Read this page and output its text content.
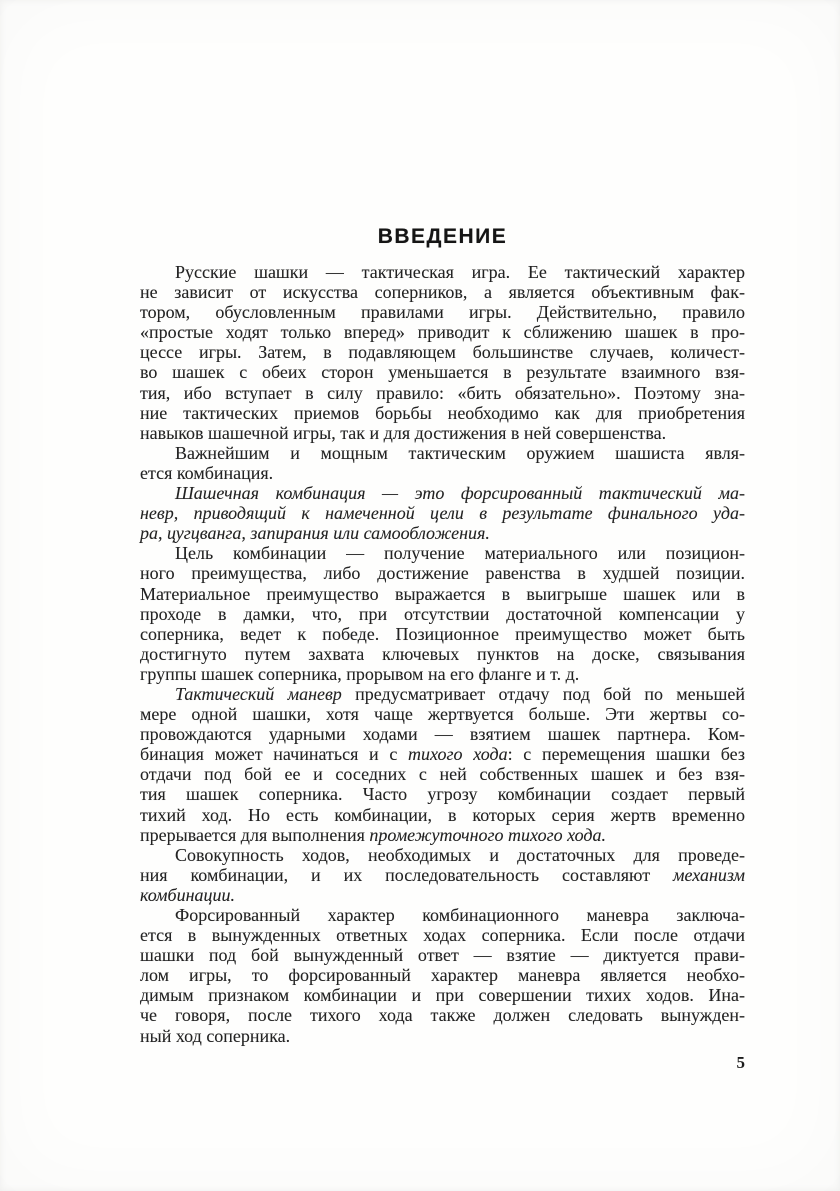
ВВЕДЕНИЕ
Русские шашки — тактическая игра. Ее тактический характер
не зависит от искусства соперников, а является объективным фак-
тором, обусловленным правилами игры. Действительно, правило
«простые ходят только вперед» приводит к сближению шашек в про-
цессе игры. Затем, в подавляющем большинстве случаев, количест-
во шашек с обеих сторон уменьшается в результате взаимного взя-
тия, ибо вступает в силу правило: «бить обязательно». Поэтому зна-
ние тактических приемов борьбы необходимо как для приобретения
навыков шашечной игры, так и для достижения в ней совершенства.
Важнейшим и мощным тактическим оружием шашиста явля-
ется комбинация.
Шашечная комбинация — это форсированный тактический ма-
невр, приводящий к намеченной цели в результате финального уда-
ра, цугцванга, запирания или самообложения.
Цель комбинации — получение материального или позицион-
ного преимущества, либо достижение равенства в худшей позиции.
Материальное преимущество выражается в выигрыше шашек или в
проходе в дамки, что, при отсутствии достаточной компенсации у
соперника, ведет к победе. Позиционное преимущество может быть
достигнуто путем захвата ключевых пунктов на доске, связывания
группы шашек соперника, прорывом на его фланге и т. д.
Тактический маневр предусматривает отдачу под бой по меньшей
мере одной шашки, хотя чаще жертвуется больше. Эти жертвы со-
провождаются ударными ходами — взятием шашек партнера. Ком-
бинация может начинаться и с тихого хода: с перемещения шашки без
отдачи под бой ее и соседних с ней собственных шашек и без взя-
тия шашек соперника. Часто угрозу комбинации создает первый
тихий ход. Но есть комбинации, в которых серия жертв временно
прерывается для выполнения промежуточного тихого хода.
Совокупность ходов, необходимых и достаточных для проведе-
ния комбинации, и их последовательность составляют механизм
комбинации.
Форсированный характер комбинационного маневра заключа-
ется в вынужденных ответных ходах соперника. Если после отдачи
шашки под бой вынужденный ответ — взятие — диктуется прави-
лом игры, то форсированный характер маневра является необхо-
димым признаком комбинации и при совершении тихих ходов. Ина-
че говоря, после тихого хода также должен следовать вынужден-
ный ход соперника.
5
